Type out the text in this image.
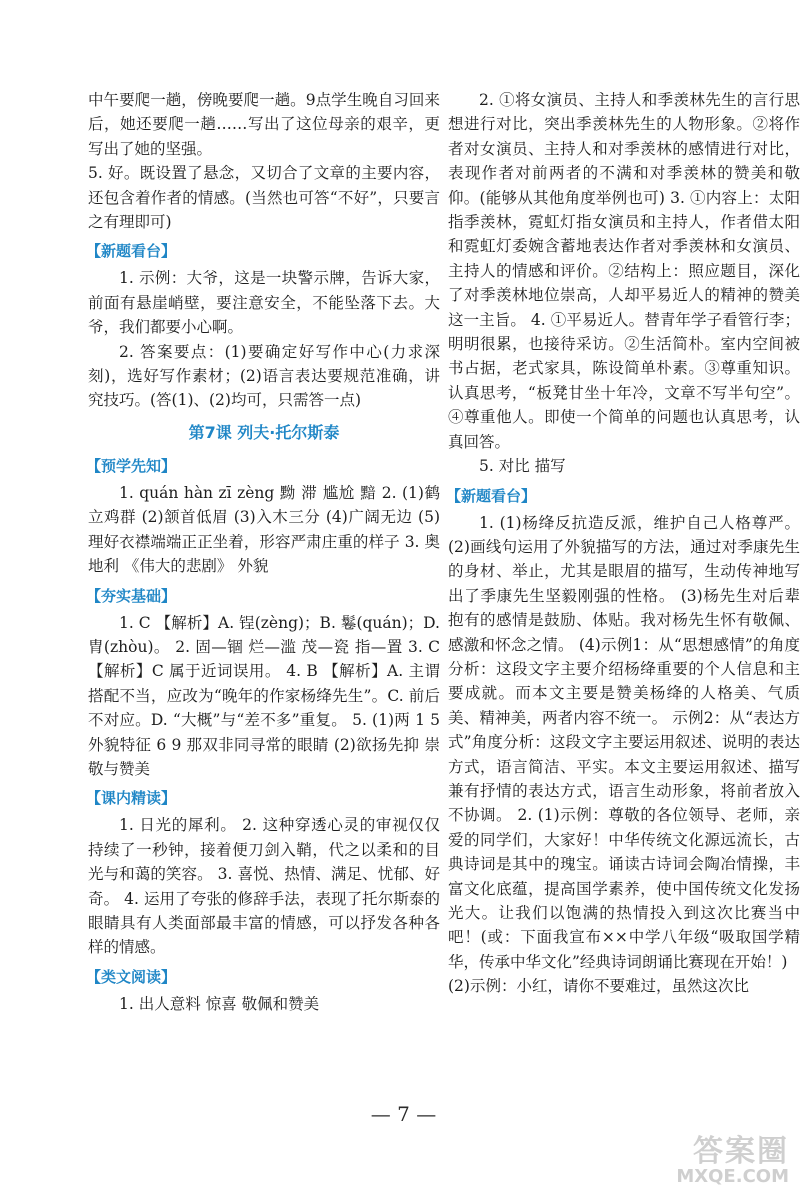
中午要爬一趟，傍晚要爬一趟。9点学生晚自习回来后，她还要爬一趟……写出了这位母亲的艰辛，更写出了她的坚强。

5. 好。既设置了悬念，又切合了文章的主要内容，还包含着作者的情感。(当然也可答“不好”，只要言之有理即可)

【新题看台】

1. 示例：大爷，这是一块警示牌，告诉大家，前面有悬崖峭壁，要注意安全，不能坠落下去。大爷，我们都要小心啊。

2. 答案要点：(1)要确定好写作中心(力求深刻)，选好写作素材；(2)语言表达要规范准确，讲究技巧。(答(1)、(2)均可，只需答一点)

第7课 列夫·托尔斯泰
【预学先知】

1. quán hàn zī zèng 黝 滞 尴尬 黯 2. (1)鹤立鸡群 (2)颔首低眉 (3)入木三分 (4)广阔无边 (5)理好衣襟端端正正坐着，形容严肃庄重的样子 3. 奥地利 《伟大的悲剧》 外貌

【夯实基础】

1. C 【解析】A. 锃(zèng)；B. 鬈(quán)；D. 胄(zhòu)。 2. 固—锢 烂—滥 茂—瓷 指—置 3. C 【解析】C 属于近词误用。 4. B 【解析】A. 主谓搭配不当，应改为“晚年的作家杨绛先生”。C. 前后不对应。D. “大概”与“差不多”重复。 5. (1)两 1 5 外貌特征 6 9 那双非同寻常的眼睛 (2)欲扬先抑 崇敬与赞美

【课内精读】

1. 日光的犀利。 2. 这种穿透心灵的审视仅仅持续了一秒钟，接着便刀剑入鞘，代之以柔和的目光与和蔼的笑容。 3. 喜悦、热情、满足、忧郁、好奇。 4. 运用了夸张的修辞手法，表现了托尔斯泰的眼睛具有人类面部最丰富的情感，可以抒发各种各样的情感。

【类文阅读】

1. 出人意料 惊喜 敬佩和赞美

2. ①将女演员、主持人和季羡林先生的言行思想进行对比，突出季羡林先生的人物形象。②将作者对女演员、主持人和对季羡林的感情进行对比，表现作者对前两者的不满和对季羡林的赞美和敬仰。(能够从其他角度举例也可) 3. ①内容上：太阳指季羡林，霓虹灯指女演员和主持人，作者借太阳和霓虹灯委婉含蓄地表达作者对季羡林和女演员、主持人的情感和评价。②结构上：照应题目，深化了对季羡林地位崇高，人却平易近人的精神的赞美这一主旨。 4. ①平易近人。替青年学子看管行李；明明很累，也接待采访。②生活简朴。室内空间被书占据，老式家具，陈设简单朴素。③尊重知识。认真思考，“板凳甘坐十年冷，文章不写半句空”。④尊重他人。即使一个简单的问题也认真思考，认真回答。

5. 对比 描写

【新题看台】

1. (1)杨绛反抗造反派，维护自己人格尊严。 (2)画线句运用了外貌描写的方法，通过对季康先生的身材、举止，尤其是眼眉的描写，生动传神地写出了季康先生坚毅刚强的性格。 (3)杨先生对后辈抱有的感情是鼓励、体贴。我对杨先生怀有敬佩、感激和怀念之情。 (4)示例1：从“思想感情”的角度分析：这段文字主要介绍杨绛重要的个人信息和主要成就。而本文主要是赞美杨绛的人格美、气质美、精神美，两者内容不统一。 示例2：从“表达方式”角度分析：这段文字主要运用叙述、说明的表达方式，语言简洁、平实。本文主要运用叙述、描写兼有抒情的表达方式，语言生动形象，将前者放入不协调。 2. (1)示例：尊敬的各位领导、老师，亲爱的同学们，大家好！中华传统文化源远流长，古典诗词是其中的瑰宝。诵读古诗词会陶冶情操，丰富文化底蕴，提高国学素养，使中国传统文化发扬光大。让我们以饱满的热情投入到这次比赛当中吧！(或：下面我宣布××中学八年级“吸取国学精华，传承中华文化”经典诗词朗诵比赛现在开始！)

(2)示例：小红，请你不要难过，虽然这次比

— 7 —
答案圈
MXQE.COM
